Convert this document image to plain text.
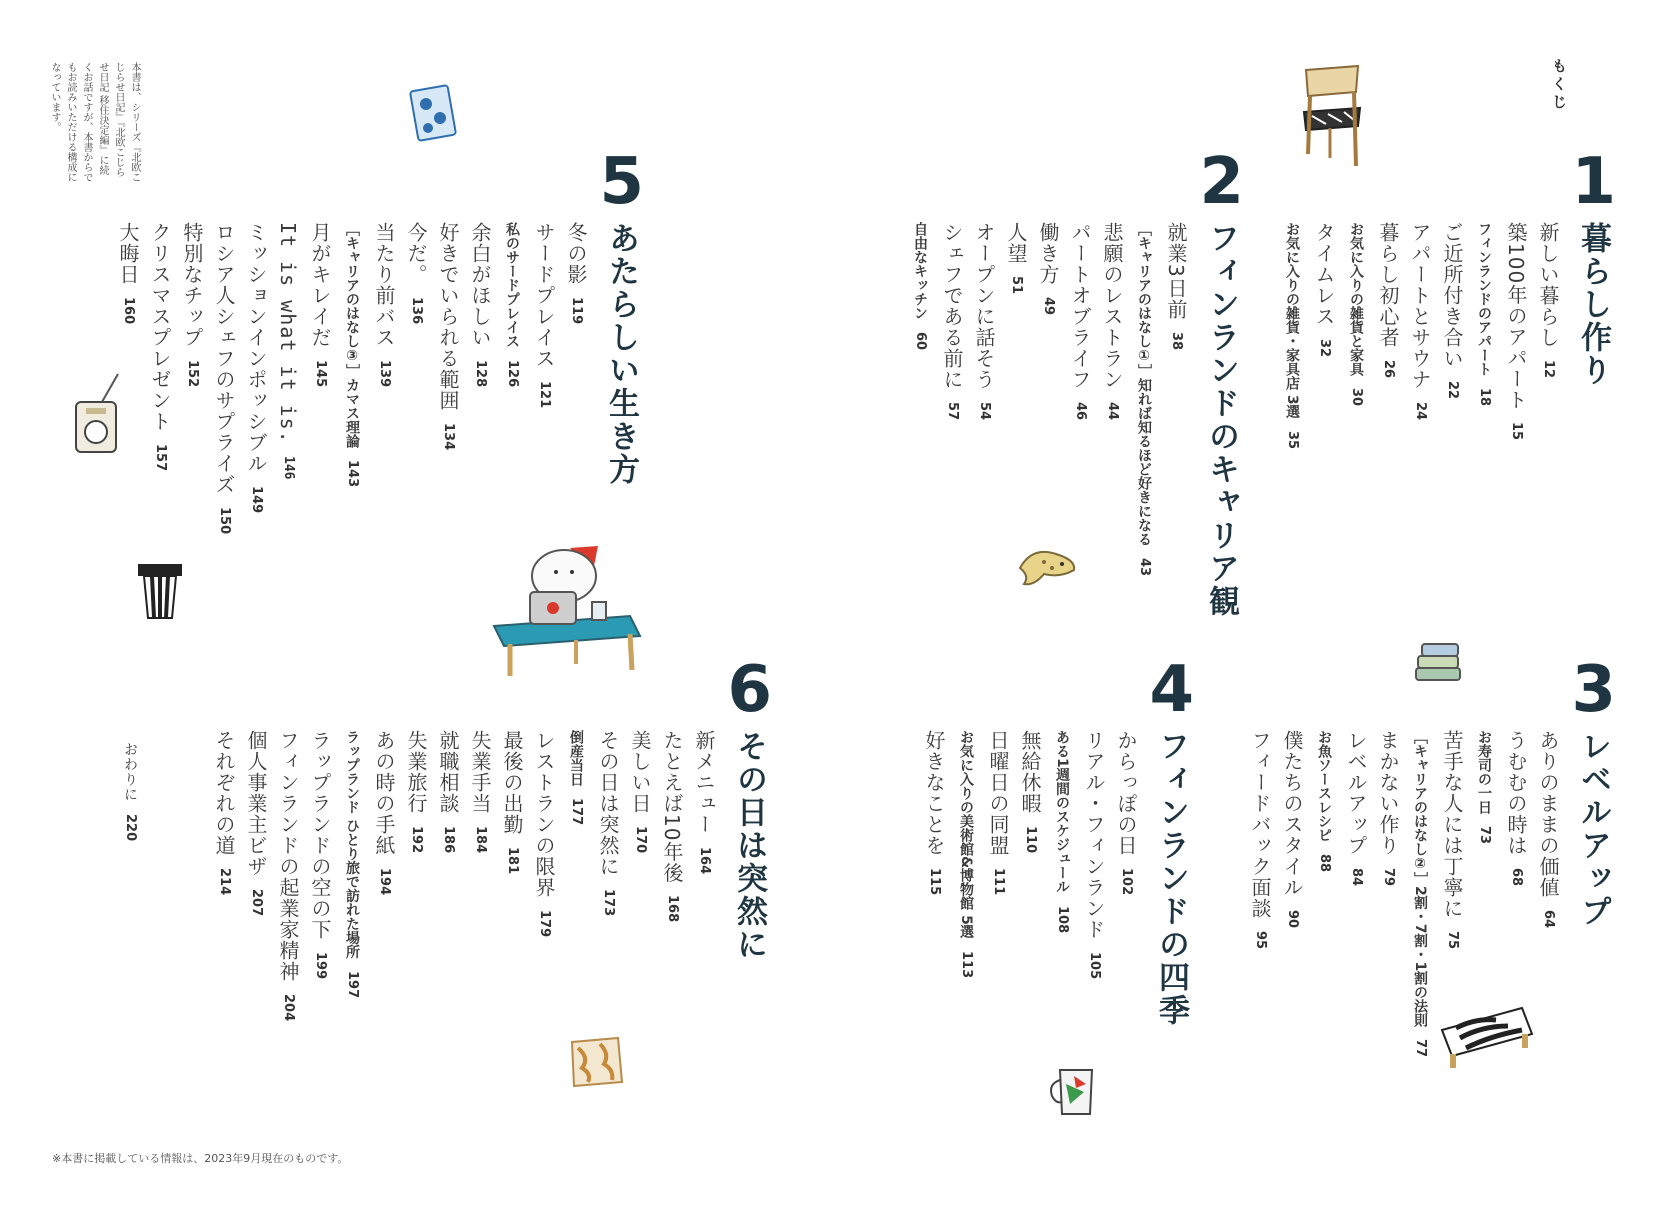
もくじ
本書は、シリーズ『北欧こじらせ日記』『北欧こじらせ日記 移住決定編』に続くお話ですが、本書からでもお読みいただける構成になっています。
1
暮らし作り
新しい暮らし12
築100年のアパート15
フィンランドのアパート18
ご近所付き合い22
アパートとサウナ24
暮らし初心者26
お気に入りの雑貨と家具30
タイムレス32
お気に入りの雑貨・家具店 3選35
2
フィンランドのキャリア観
就業3日前38
［キャリアのはなし①］知れば知るほど好きになる43
悲願のレストラン44
パートオブライフ46
働き方49
人望51
オープンに話そう54
シェフである前に57
自由なキッチン60
5
あたらしい生き方
冬の影119
サードプレイス121
私のサードプレイス126
余白がほしい128
好きでいられる範囲134
今だ。136
当たり前バス139
［キャリアのはなし③］カマス理論143
月がキレイだ145
It is what it is.146
ミッションインポッシブル149
ロシア人シェフのサプライズ150
特別なチップ152
クリスマスプレゼント157
大晦日160
3
レベルアップ
ありのままの価値64
うむむの時は68
お寿司の一日73
苦手な人には丁寧に75
［キャリアのはなし②］2割・7割・1割の法則77
まかない作り79
レベルアップ84
お魚ソースレシピ88
僕たちのスタイル90
フィードバック面談95
4
フィンランドの四季
からっぽの日102
リアル・フィンランド105
ある1週間のスケジュール108
無給休暇110
日曜日の同盟111
お気に入りの美術館&博物館 5選113
好きなことを115
6
その日は突然に
新メニュー164
たとえば10年後168
美しい日170
その日は突然に173
倒産当日177
レストランの限界179
最後の出勤181
失業手当184
就職相談186
失業旅行192
あの時の手紙194
ラップランド ひとり旅で訪れた場所197
ラップランドの空の下199
フィンランドの起業家精神204
個人事業主ビザ207
それぞれの道214
おわりに220
※本書に掲載している情報は、2023年9月現在のものです。
